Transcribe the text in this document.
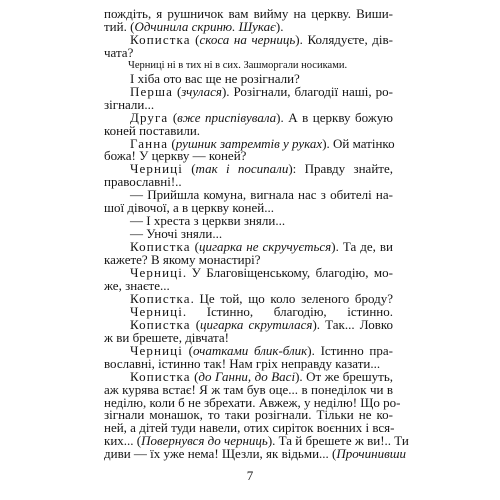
пождіть, я рушничок вам вийму на церкву. Виши-
тий. (Одчинила скриню. Шукає).
Копистка (скоса на черниць). Колядуєте, дів-
чата?
Черниці ні в тих ні в сих. Зашморгали носиками.
І хіба ото вас ще не розігнали?
Перша (зчулася). Розігнали, благодії наші, ро-
зігнали...
Друга (вже приспівувала). А в церкву божую
коней поставили.
Ганна (рушник затремтів у руках). Ой матінко
божа! У церкву — коней?
Черниці (так і посипали): Правду знайте,
православні!..
— Прийшла комуна, вигнала нас з обителі на-
шої дівочої, а в церкву коней...
— І хреста з церкви зняли...
— Уночі зняли...
Копистка (цигарка не скручується). Та де, ви
кажете? В якому монастирі?
Черниці. У Благовіщенському, благодію, мо-
же, знаєте...
Копистка. Це той, що коло зеленого броду?
Черниці. Істинно, благодію, істинно.
Копистка (цигарка скрутилася). Так... Ловко
ж ви брешете, дівчата!
Черниці (очатками блик-блик). Істинно пра-
вославні, істинно так! Нам гріх неправду казати...
Копистка (до Ганни, до Васі). От же брешуть,
аж курява встає! Я ж там був оце... в понеділок чи в
неділю, коли б не збрехати. Авжеж, у неділю! Що ро-
зігнали монашок, то таки розігнали. Тільки не ко-
ней, а дітей туди навели, отих сиріток воєнних і вся-
ких... (Повернувся до черниць). Та й брешете ж ви!.. Ти
диви — їх уже нема! Щезли, як відьми... (Прочинивши
7
